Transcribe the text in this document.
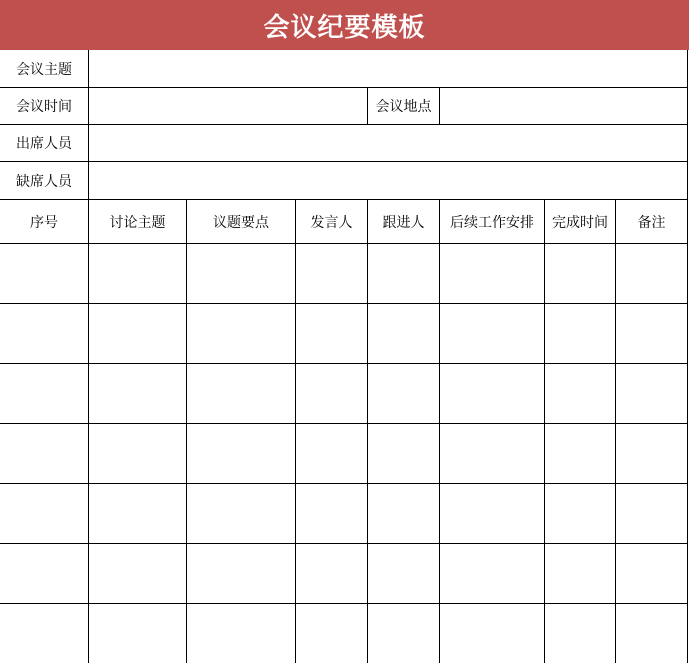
会议纪要模板
会议主题
会议时间	会议地点
出席人员
缺席人员
序号	讨论主题	议题要点	发言人	跟进人	后续工作安排	完成时间	备注
